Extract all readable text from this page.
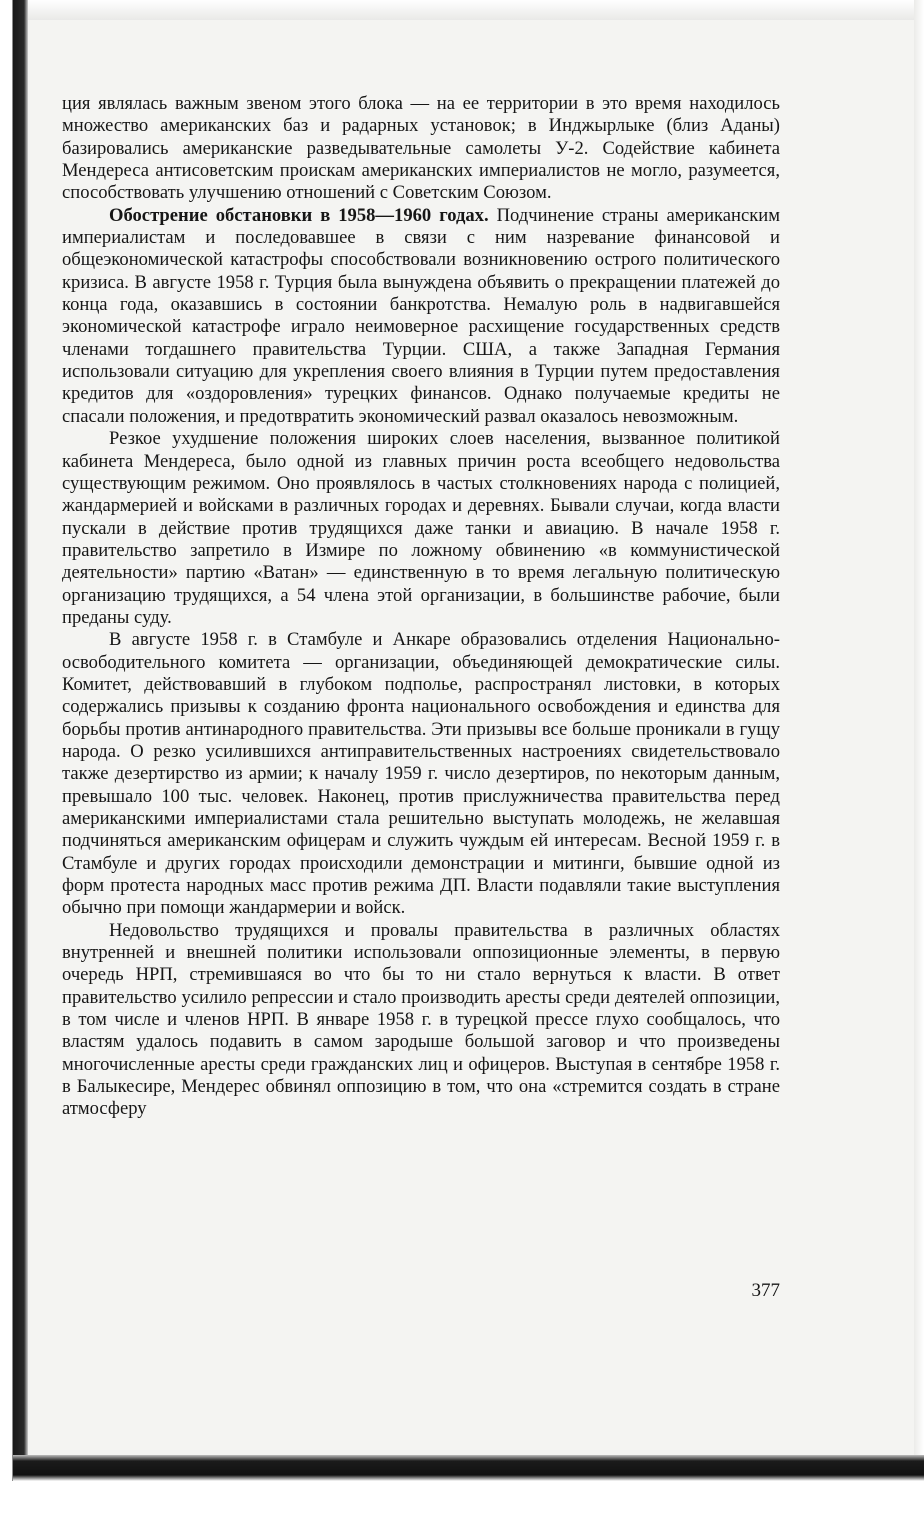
ция являлась важным звеном этого блока — на ее территории в это время находилось множество американских баз и радарных установок; в Инджырлыке (близ Аданы) базировались американские разведывательные самолеты У-2. Содействие кабинета Мендереса антисоветским проискам американских империалистов не могло, разумеется, способствовать улучшению отношений с Советским Союзом.

Обострение обстановки в 1958—1960 годах. Подчинение страны американским империалистам и последовавшее в связи с ним назревание финансовой и общеэкономической катастрофы способствовали возникновению острого политического кризиса. В августе 1958 г. Турция была вынуждена объявить о прекращении платежей до конца года, оказавшись в состоянии банкротства. Немалую роль в надвигавшейся экономической катастрофе играло неимоверное расхищение государственных средств членами тогдашнего правительства Турции. США, а также Западная Германия использовали ситуацию для укрепления своего влияния в Турции путем предоставления кредитов для «оздоровления» турецких финансов. Однако получаемые кредиты не спасали положения, и предотвратить экономический развал оказалось невозможным.

Резкое ухудшение положения широких слоев населения, вызванное политикой кабинета Мендереса, было одной из главных причин роста всеобщего недовольства существующим режимом. Оно проявлялось в частых столкновениях народа с полицией, жандармерией и войсками в различных городах и деревнях. Бывали случаи, когда власти пускали в действие против трудящихся даже танки и авиацию. В начале 1958 г. правительство запретило в Измире по ложному обвинению «в коммунистической деятельности» партию «Ватан» — единственную в то время легальную политическую организацию трудящихся, а 54 члена этой организации, в большинстве рабочие, были преданы суду.

В августе 1958 г. в Стамбуле и Анкаре образовались отделения Национально-освободительного комитета — организации, объединяющей демократические силы. Комитет, действовавший в глубоком подполье, распространял листовки, в которых содержались призывы к созданию фронта национального освобождения и единства для борьбы против антинародного правительства. Эти призывы все больше проникали в гущу народа. О резко усилившихся антиправительственных настроениях свидетельствовало также дезертирство из армии; к началу 1959 г. число дезертиров, по некоторым данным, превышало 100 тыс. человек. Наконец, против прислужничества правительства перед американскими империалистами стала решительно выступать молодежь, не желавшая подчиняться американским офицерам и служить чуждым ей интересам. Весной 1959 г. в Стамбуле и других городах происходили демонстрации и митинги, бывшие одной из форм протеста народных масс против режима ДП. Власти подавляли такие выступления обычно при помощи жандармерии и войск.

Недовольство трудящихся и провалы правительства в различных областях внутренней и внешней политики использовали оппозиционные элементы, в первую очередь НРП, стремившаяся во что бы то ни стало вернуться к власти. В ответ правительство усилило репрессии и стало производить аресты среди деятелей оппозиции, в том числе и членов НРП. В январе 1958 г. в турецкой прессе глухо сообщалось, что властям удалось подавить в самом зародыше большой заговор и что произведены многочисленные аресты среди гражданских лиц и офицеров. Выступая в сентябре 1958 г. в Балыкесире, Мендерес обвинял оппозицию в том, что она «стремится создать в стране атмосферу

377
